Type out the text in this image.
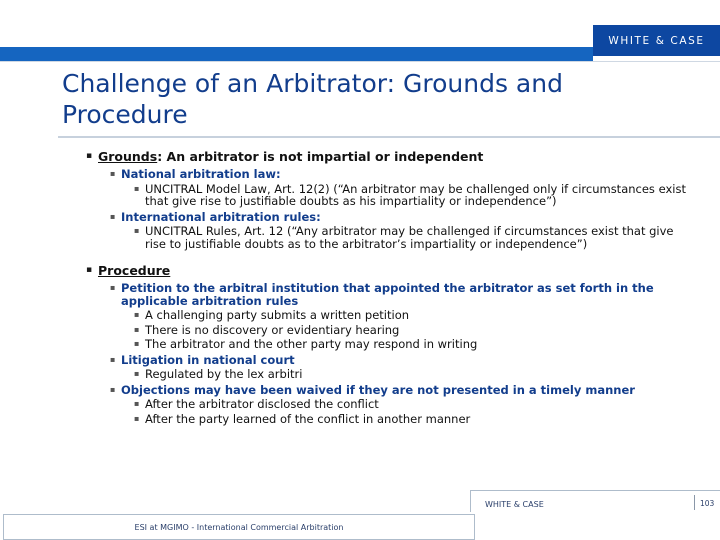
WHITE & CASE
Challenge of an Arbitrator: Grounds and Procedure
▪ Grounds: An arbitrator is not impartial or independent
▪ National arbitration law:
▪ UNCITRAL Model Law, Art. 12(2) (“An arbitrator may be challenged only if circumstances exist that give rise to justifiable doubts as his impartiality or independence”)
▪ International arbitration rules:
▪ UNCITRAL Rules, Art. 12 (“Any arbitrator may be challenged if circumstances exist that give rise to justifiable doubts as to the arbitrator’s impartiality or independence”)
▪ Procedure
▪ Petition to the arbitral institution that appointed the arbitrator as set forth in the applicable arbitration rules
▪ A challenging party submits a written petition
▪ There is no discovery or evidentiary hearing
▪ The arbitrator and the other party may respond in writing
▪ Litigation in national court
▪ Regulated by the lex arbitri
▪ Objections may have been waived if they are not presented in a timely manner
▪ After the arbitrator disclosed the conflict
▪ After the party learned of the conflict in another manner
WHITE & CASE	103
ESI at MGIMO - International Commercial Arbitration
